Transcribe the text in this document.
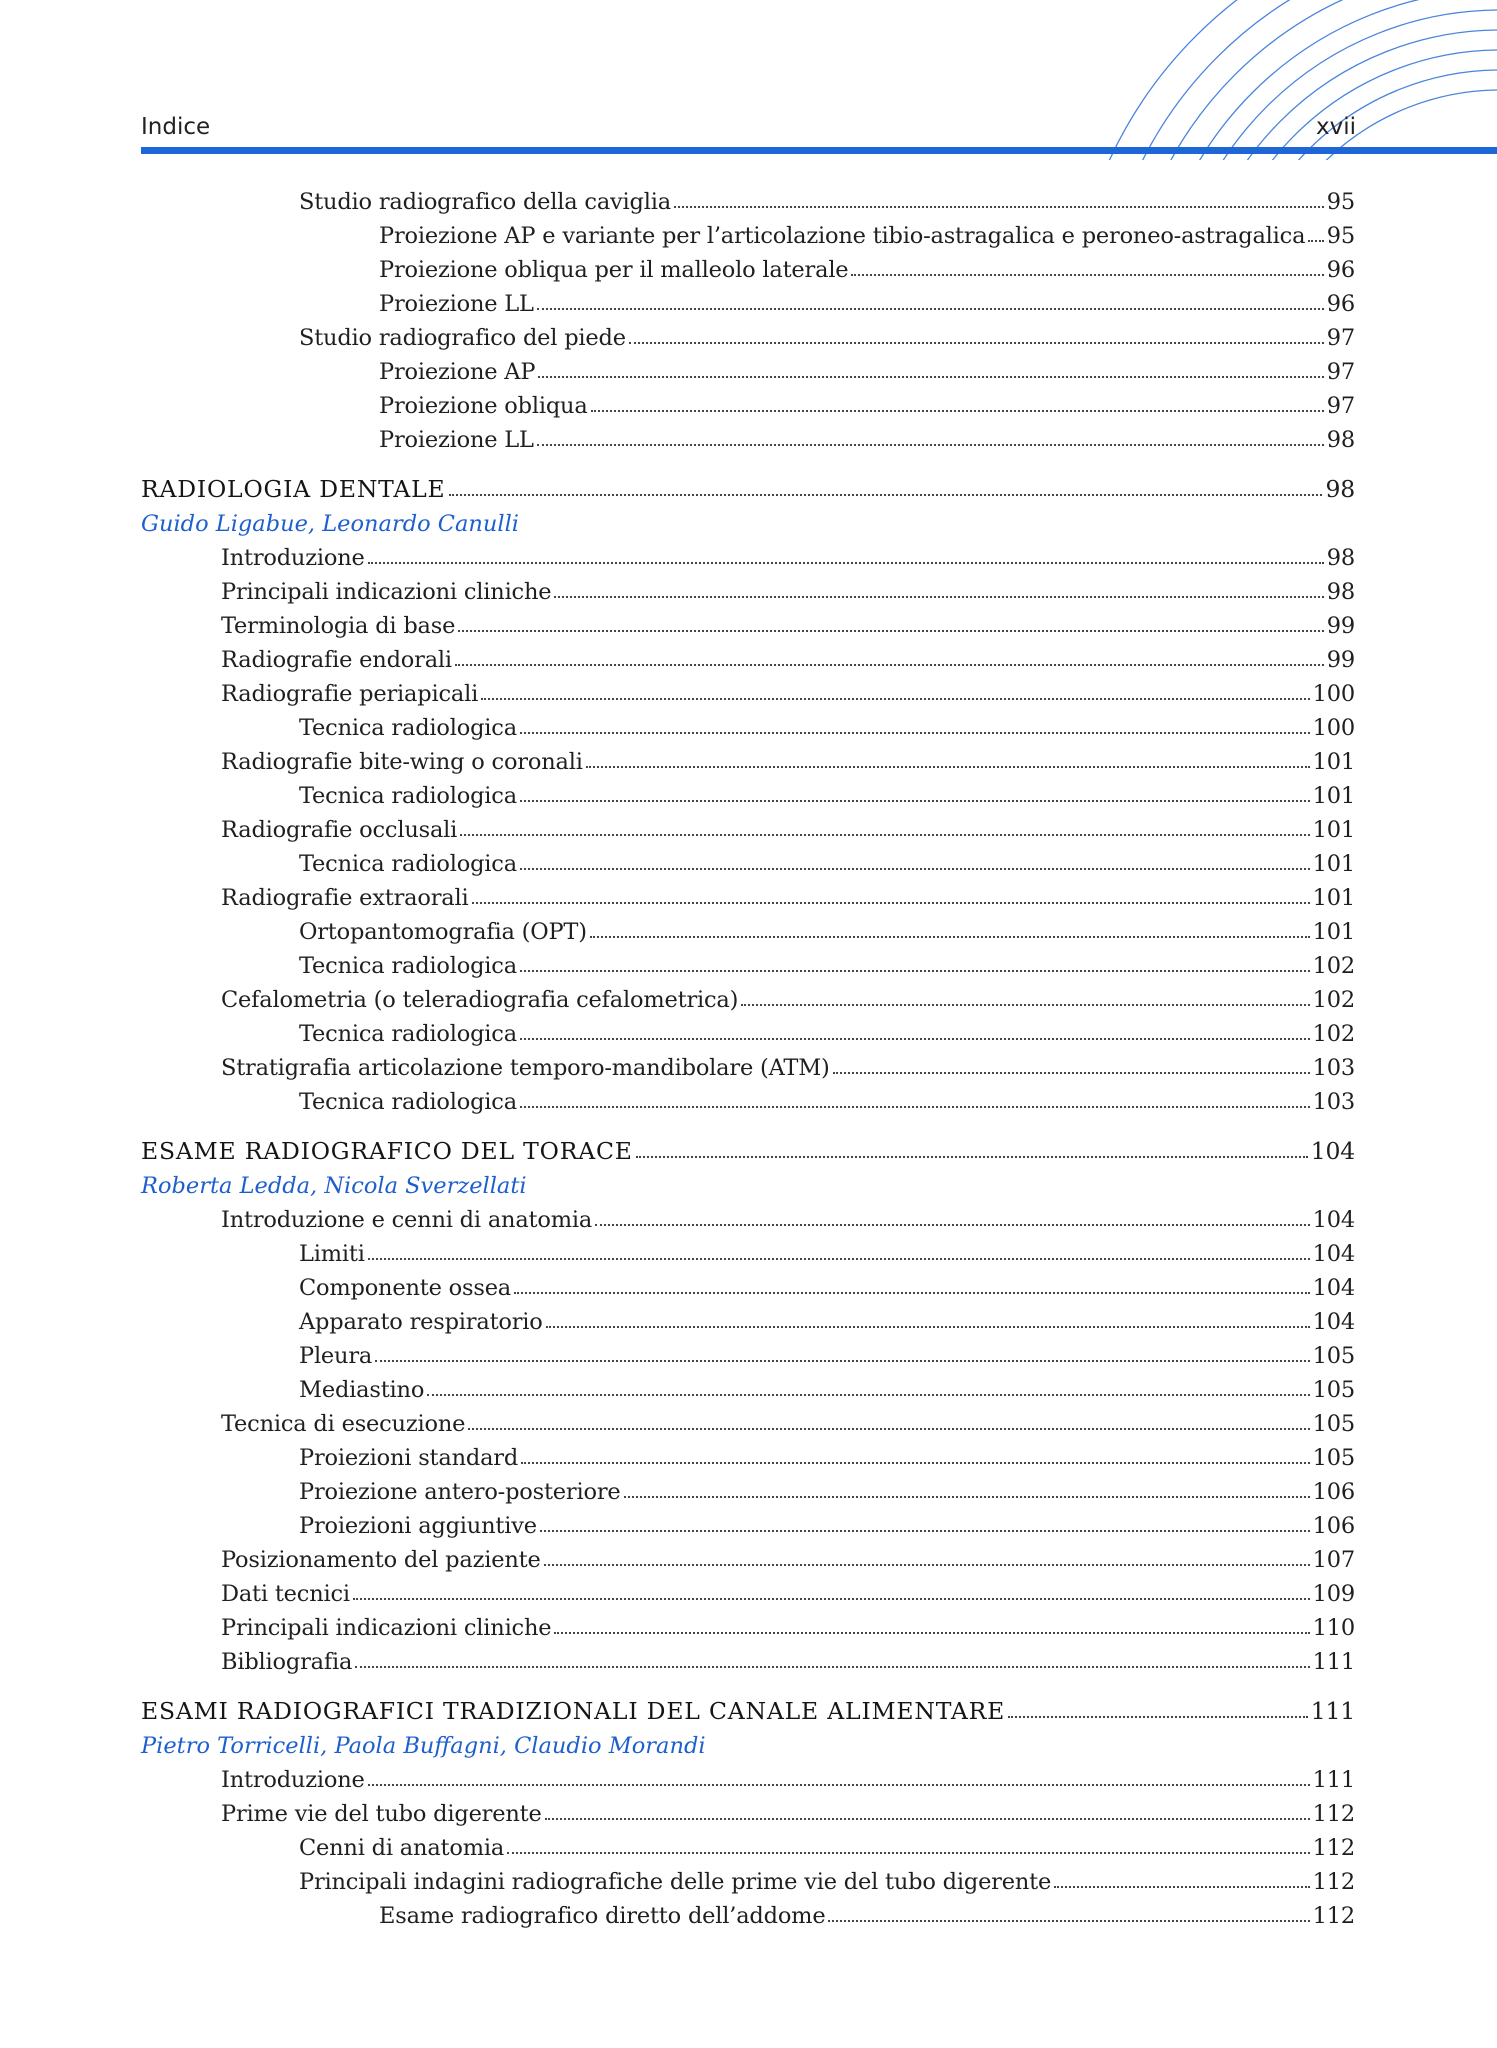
Indice	xvii
Studio radiografico della caviglia	95
Proiezione AP e variante per l’articolazione tibio-astragalica e peroneo-astragalica 95
Proiezione obliqua per il malleolo laterale	96
Proiezione LL	96
Studio radiografico del piede	97
Proiezione AP	97
Proiezione obliqua	97
Proiezione LL	98
RADIOLOGIA DENTALE	98
Guido Ligabue, Leonardo Canulli
Introduzione	98
Principali indicazioni cliniche	98
Terminologia di base	99
Radiografie endorali	99
Radiografie periapicali	100
Tecnica radiologica	100
Radiografie bite-wing o coronali	101
Tecnica radiologica	101
Radiografie occlusali	101
Tecnica radiologica	101
Radiografie extraorali	101
Ortopantomografia (OPT)	101
Tecnica radiologica	102
Cefalometria (o teleradiografia cefalometrica)	102
Tecnica radiologica	102
Stratigrafia articolazione temporo-mandibolare (ATM)	103
Tecnica radiologica	103
ESAME RADIOGRAFICO DEL TORACE	104
Roberta Ledda, Nicola Sverzellati
Introduzione e cenni di anatomia	104
Limiti	104
Componente ossea	104
Apparato respiratorio	104
Pleura	105
Mediastino	105
Tecnica di esecuzione	105
Proiezioni standard	105
Proiezione antero-posteriore	106
Proiezioni aggiuntive	106
Posizionamento del paziente	107
Dati tecnici	109
Principali indicazioni cliniche	110
Bibliografia	111
ESAMI RADIOGRAFICI TRADIZIONALI DEL CANALE ALIMENTARE	111
Pietro Torricelli, Paola Buffagni, Claudio Morandi
Introduzione	111
Prime vie del tubo digerente	112
Cenni di anatomia	112
Principali indagini radiografiche delle prime vie del tubo digerente	112
Esame radiografico diretto dell’addome	112
